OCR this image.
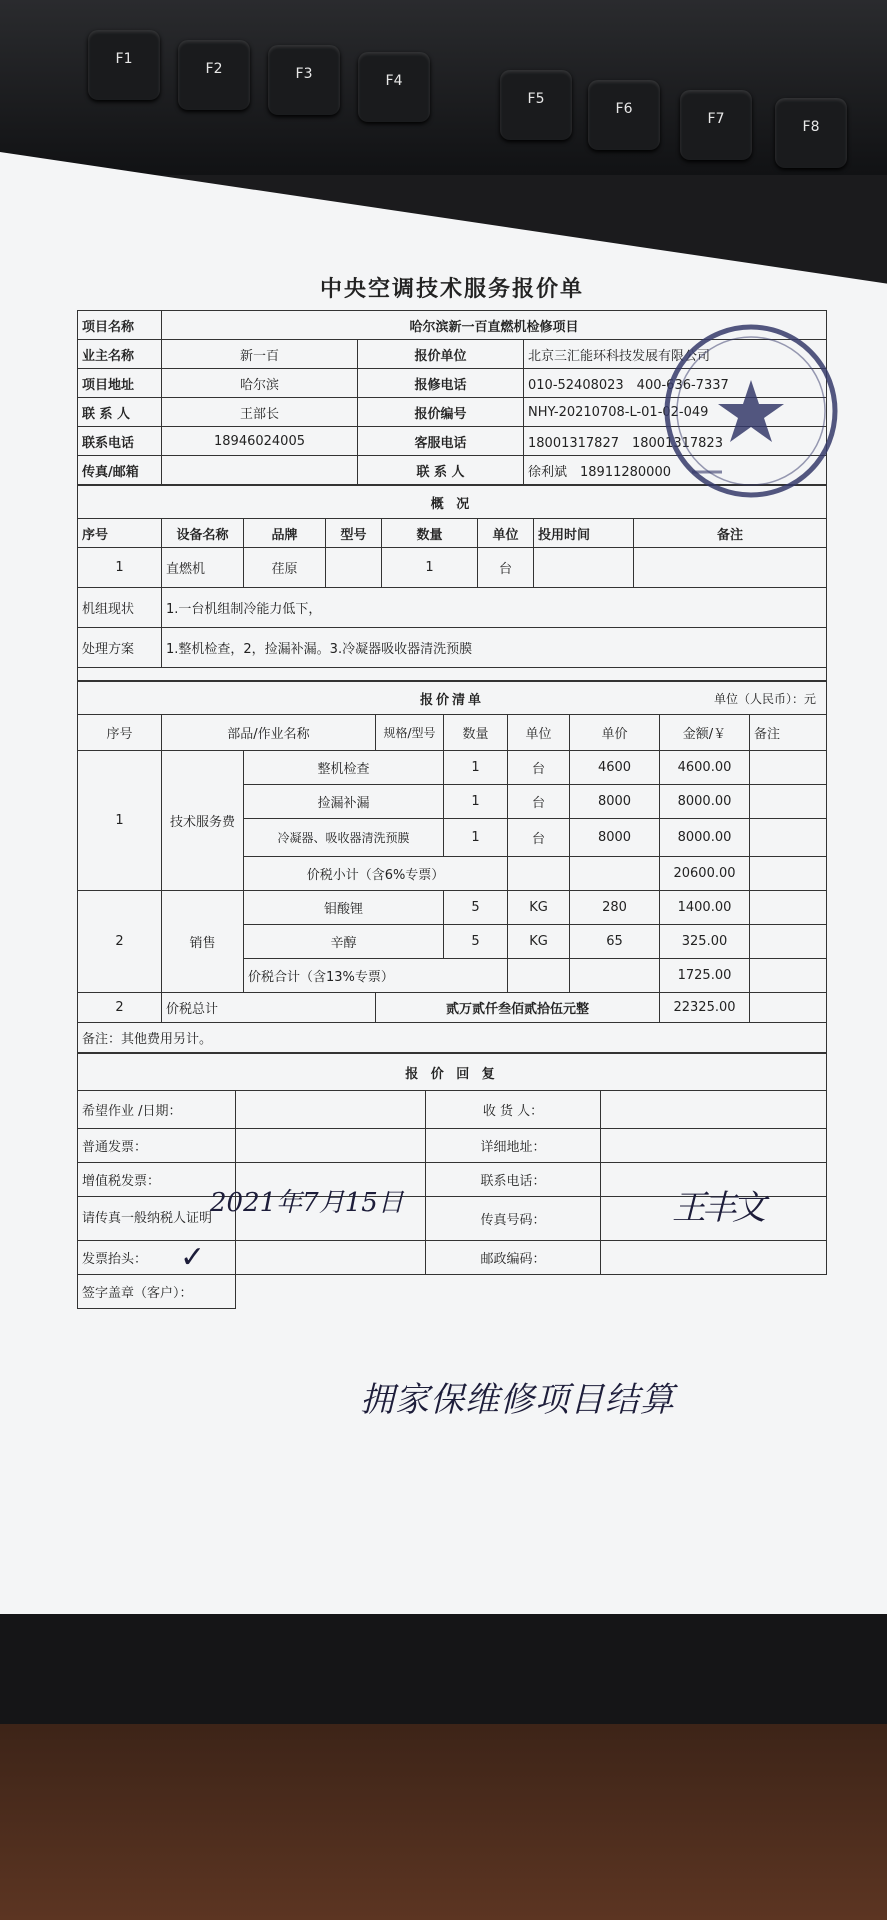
F1
F2	F3	F4
F5
F6
F7	F8
中央空调技术服务报价单
项目名称	哈尔滨新一百直燃机检修项目		
业主名称	新一百	报价单位	北京三汇能环科技发展有限公司
项目地址	哈尔滨	报修电话	010-52408023　400-636-7337
联 系 人	王部长	报价编号	NHY-20210708-L-01-02-049
联系电话	18946024005	客服电话	18001317827　18001317823
传真/邮箱		联 系 人	徐利斌　18911280000
概 况							
序号	设备名称	品牌	型号	数量	单位	投用时间	备注
1	直燃机	荏原		1	台		
机组现状	1.一台机组制冷能力低下，						
处理方案	1.整机检查，2，捡漏补漏。3.冷凝器吸收器清洗预膜						

报价清单 单位（人民币）：元								

序号	部品/作业名称		规格/型号	数量	单位	单价	金额/￥	备注
1	技术服务费	整机检查		1	台	4600	4600.00	
		捡漏补漏		1	台	8000	8000.00	
		冷凝器、吸收器清洗预膜		1	台	8000	8000.00	
		价税小计（含6%专票）					20600.00	
2	销售	钼酸锂		5	KG	280	1400.00	
		辛醇		5	KG	65	325.00	
		价税合计（含13%专票）					1725.00	
2	价税总计		贰万贰仟叁佰贰拾伍元整				22325.00	
备注：其他费用另计。								
报 价 回 复			
希望作业 /日期：		收 货 人：	
普通发票：		详细地址：	
增值税发票：		联系电话：	
请传真一般纳税人证明		传真号码：	
发票抬头：		邮政编码：	
签字盖章（客户）：			
2021年7月15日
✓
王丰文
拥家保维修项目结算
